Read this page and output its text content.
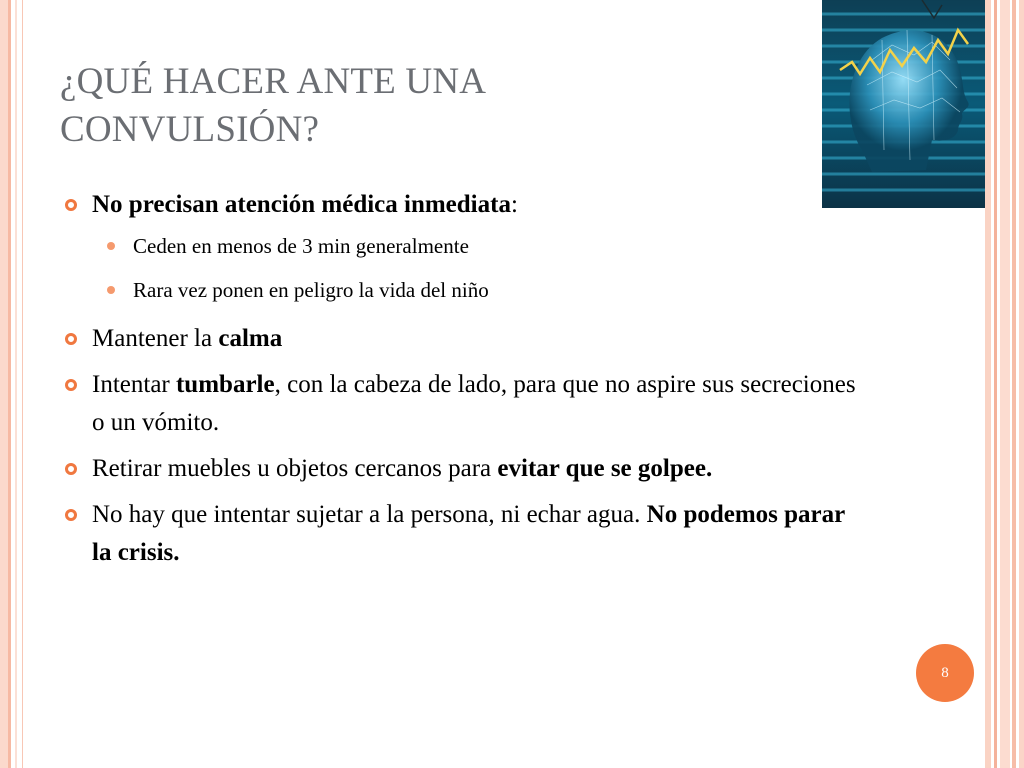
¿QUÉ HACER ANTE UNA
CONVULSIÓN?
No precisan atención médica inmediata:
Ceden en menos de 3 min generalmente
Rara vez ponen en peligro la vida del niño
Mantener la calma
Intentar tumbarle, con la cabeza de lado, para que no aspire sus secreciones o un vómito.
Retirar muebles u objetos cercanos para evitar que se golpee.
No hay que intentar sujetar a la persona, ni echar agua. No podemos parar la crisis.
8
